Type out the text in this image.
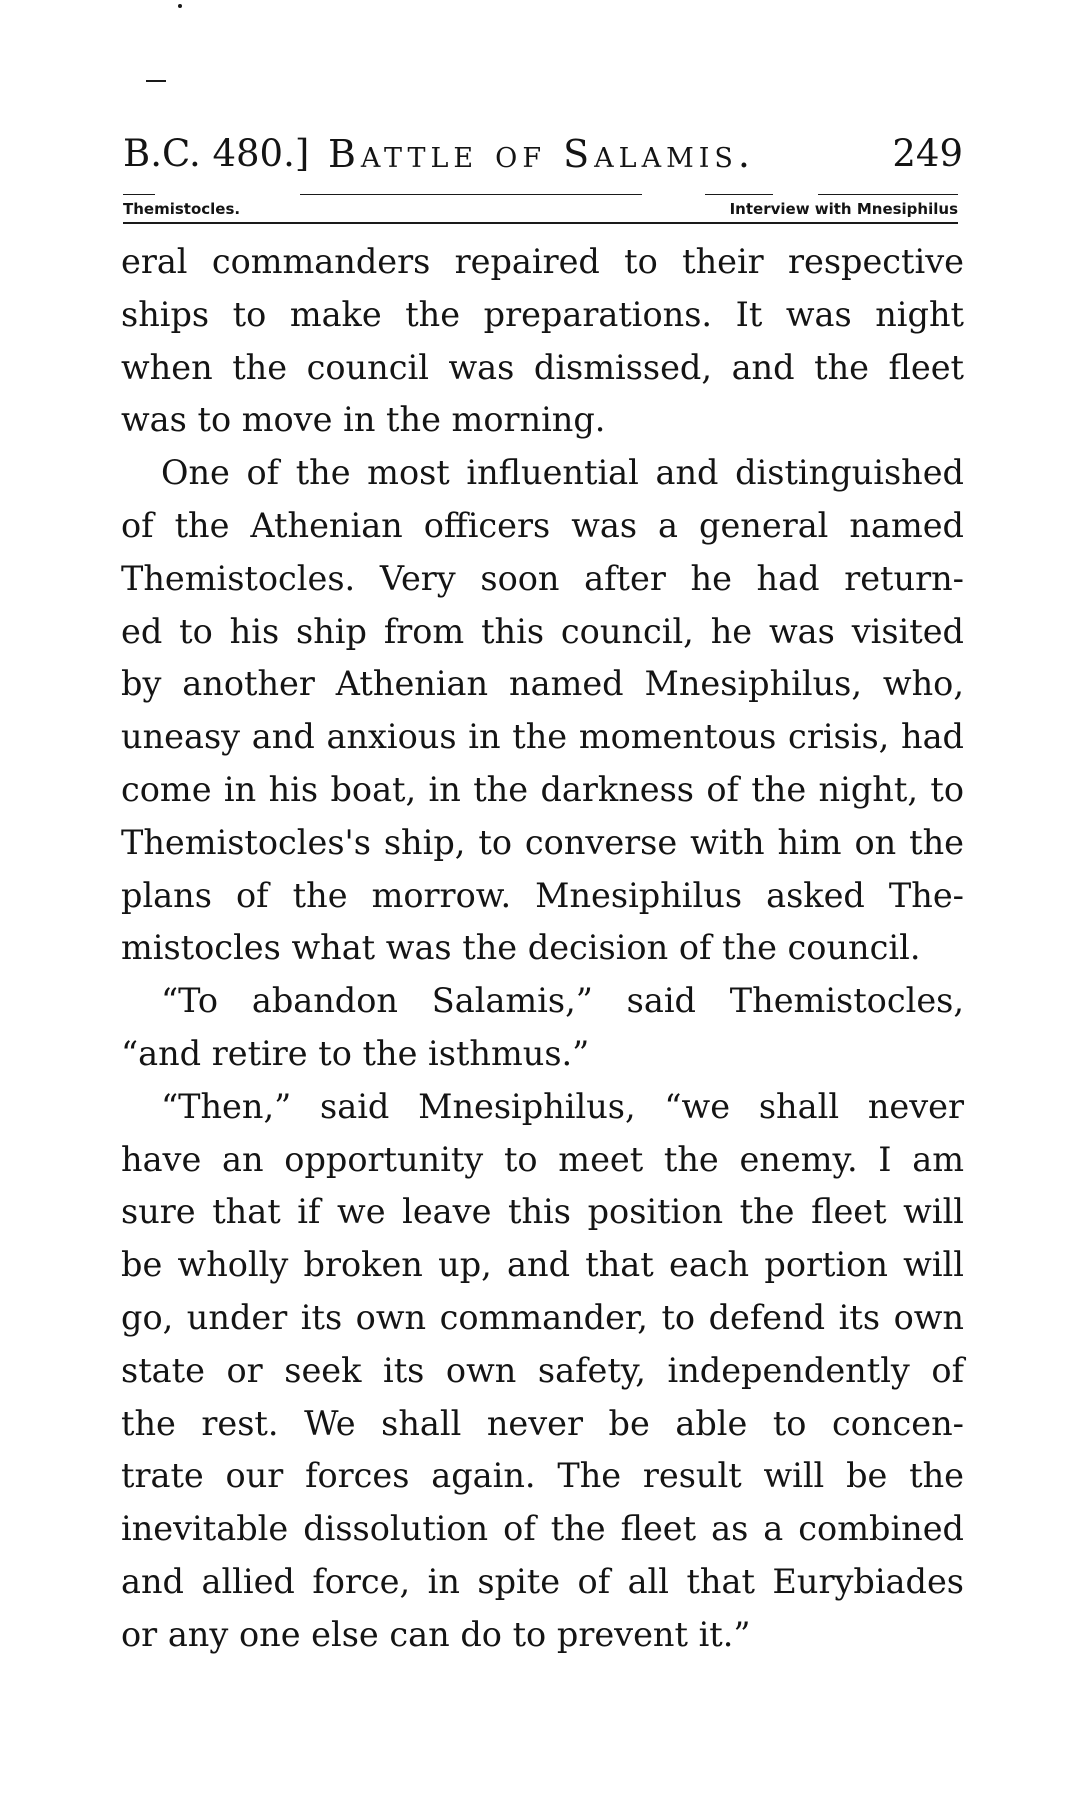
B.C. 480.] Battle of Salamis.	249
Themistocles.	Interview with Mnesiphilus
eral commanders repaired to their respective
ships to make the preparations. It was night
when the council was dismissed, and the fleet
was to move in the morning.
One of the most influential and distinguished
of the Athenian officers was a general named
Themistocles. Very soon after he had return-
ed to his ship from this council, he was visited
by another Athenian named Mnesiphilus, who,
uneasy and anxious in the momentous crisis, had
come in his boat, in the darkness of the night, to
Themistocles's ship, to converse with him on the
plans of the morrow. Mnesiphilus asked The-
mistocles what was the decision of the council.
“To abandon Salamis,” said Themistocles,
“and retire to the isthmus.”
“Then,” said Mnesiphilus, “we shall never
have an opportunity to meet the enemy. I am
sure that if we leave this position the fleet will
be wholly broken up, and that each portion will
go, under its own commander, to defend its own
state or seek its own safety, independently of
the rest. We shall never be able to concen-
trate our forces again. The result will be the
inevitable dissolution of the fleet as a combined
and allied force, in spite of all that Eurybiades
or any one else can do to prevent it.”
